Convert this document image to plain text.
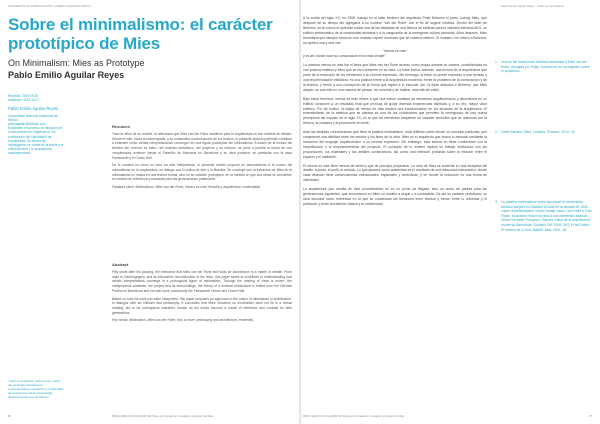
CUADERNOS de INVESTIGACIÓN e DISEÑO ARQUITECTÓNICO
Sobre el minimalismo: el carácter prototípico de Mies
On Minimalism: Mies as Prototype
Pablo Emilio Aguilar Reyes
Recibido: 2019.09.20
Aceptado: 2019.10.07
Pablo Emilio Aguilar Reyes
Universidad Nacional Autónoma de México
pabloaguilar@outlook.com
Estudiante en proceso de titulación de la licenciatura en Arquitectura. Es colaborador del Laboratorio de Arquitectura. Su interés de investigación se centra en la teoría y la crítica del arte y la arquitectura contemporánea.
* Esta investigación está escrita a partir del seminario Arquitectura Contemporánea, impartido en la Facultad de Arquitectura de la Universidad Nacional Autónoma de México.
Resumen

Tras los años de su muerte, la relevancia que Mies van der Rohe mantiene para la arquitectura es aún materia de debate. Desde el mito, hacia la historiografía, y su exhaustiva reconstrucción de los hechos, el presente artículo pretende contribuir a entender cómo ciertas interpretaciones convergen en una figura prototípica del minimalismo. A través de la lectura del término del «menos es más», del sustrato metafísico, del proyecto y su entorno, se pone a prueba la teoría de una «arquitectura mínima» desde el Pabellón de Alemania en Barcelona y su obra posterior, en particular con la casa Farnsworth y el Crown Hall.

De la manera en cómo su obra ha sido interpretada, el presente escrito propone un acercamiento a la noción del minimalismo en la arquitectura, en diálogo con la crítica de arte y la filosofía. Se concluye que la influencia de Mies en el minimalismo no radica en una lectura formal, sino en su carácter prototípico, en la medida en que sus obras se convierten en modelo de referencia y contraste para las generaciones posteriores.

Palabras clave: Minimalismo, Mies van der Rohe, menos es más, filosofía y arquitectura, modernidad.

Abstract

Fifty years after his passing, the relevance that Mies van der Rohe still holds for architecture is a matter of debate. From myth to historiography, and its exhaustive reconstruction of the facts, this paper seeks to contribute to understanding how certain interpretations converge in a prototypical figure of minimalism. Through the reading of «less is more», the metaphysical substrate, the project and its surroundings, the theory of a minimal architecture is tested from the German Pavilion in Barcelona and his later work, particularly the Farnsworth House and Crown Hall.

Based on how his work has been interpreted, this paper proposes an approach to the notion of minimalism in architecture, in dialogue with art criticism and philosophy. It concludes that Mies' influence on minimalism does not lie in a formal reading, but in his prototypical character, insofar as his works become a model of reference and contrast for later generations.

Key words: Minimalism, Mies van der Rohe, less is more, philosophy and architecture, modernity.

86	PABLO EMILIO AGUILAR REYES Sobre el minimalismo: el carácter prototípico de Mies
Pablo Emilio Aguilar Reyes · Sobre el minimalismo

A la vuelta del siglo XX, en 1908, trabajó en el taller berlinés del arquitecto Peter Behrens el joven Ludwig Mies, que después de su tiempo ahí agregaría a su nombre "van der Rohe" con el fin de sugerir nobleza. Dentro del taller de Behrens, se le colocó al aprendiz cuidar una de las fachadas de una fábrica de turbinas para la industria eléctrica AEG, un edificio emblemático de la modernidad alemana y a la vanguardia de la emergente cultura industrial. Años después, Mies recordaría que siempre escuchó a su maestro repetir una frase que se volvería célebre. El maestro, me refiero a Behrens, se repetía una y otra vez:

"menos es más"

y es ahí donde nace su composición en la más simple".

La máxima menos es más fue el lema que Mies van der Rohe asumió como propia durante su carrera, convirtiéndola en una postura estética y ética que se hizo presente en su obra. La frase indica, además, una lectura de la arquitectura que parte de la reducción de los elementos a su mínima expresión. Sin embargo, la frase no puede reducirse a una fórmula o una recomendación estilística: es una postura frente a la arquitectura moderna, frente al problema de la construcción y de la técnica, y frente a una concepción de la forma que aspira a lo esencial. Así, la frase atribuida a Behrens, que Mies adoptó, se convirtió en una manera de pensar, de construir y de habitar, más allá del estilo.

Bajo estos términos, menos es más refiere a que una menor cantidad de elementos arquitectónicos y decorativos en un edificio conducen a un resultado final que provoca de golpe diversas experiencias estéticas y, a su vez, mayor valor estético. Por tal motivo, la lógica de menos es más implica una transformación en los alcances de la arquitectura. El entendimiento de la estética que se plantea es una de las condiciones que permiten la emergencia de una nueva percepción del espacio en el siglo XX, en la que los elementos adquieren un carácter simbólico que se relaciona con la técnica, la industria y la producción en serie.

Ante las distintas connotaciones que tiene la palabra minimalismo, esta reflexión parte desde un concepto particular, que comprende una afinidad entre los medios y los fines de la obra. Mies es el arquitecto que busca lo esencial mediante la reducción del lenguaje arquitectónico a su mínima expresión. Sin embargo, esta lectura no debe confundirse con la simplificación o el empobrecimiento del proyecto. El concepto de lo mínimo implica un trabajo meticuloso con las proporciones, los materiales y los detalles constructivos, así como una reflexión profunda sobre la relación entre el espacio y el habitante.

El menos es más tiene menos de retórico que de principio proyectual. La obra de Mies se sustenta en una disciplina del detalle: la junta, el perfil, el módulo. Lo que aparece como austeridad es el resultado de una minuciosa elaboración, donde cada decisión tiene consecuencias estructurales, espaciales y simbólicas, y en donde la reducción es una forma de intensidad.

La arquitectura que resulta de este procedimiento no es un punto de llegada, sino un punto de partida para las generaciones siguientes, que encontraron en Mies un modelo a seguir o a contradecir. De ahí su carácter prototípico: su obra funciona como referencia en la que se condensan las tensiones entre técnica y forma, entre lo universal y lo particular, y entre la tradición clásica y la modernidad.

1 Una de las frases más célebres atribuidas a Mies van der Rohe, recogida por Philip Johnson en su monografía sobre el arquitecto.
2 Detlef Mertins, Mies, Londres, Phaidon, 2014, 26.
3 La palabra minimalismo suele asociarse al movimiento artístico surgido en Estados Unidos en la década de 1960, cuyos representantes, como Donald Judd, Carl Andre o Dan Flavin, buscaban reducir la obra a sus elementos básicos. Véase Kenneth Frampton, Historia crítica de la arquitectura moderna, Barcelona, Gustavo Gili, 2009, 163; y Hal Foster, El retorno de lo real, Madrid, Akal, 2001, 38.
PABLO EMILIO AGUILAR REYES Sobre el minimalismo: el carácter prototípico de Mies	87
